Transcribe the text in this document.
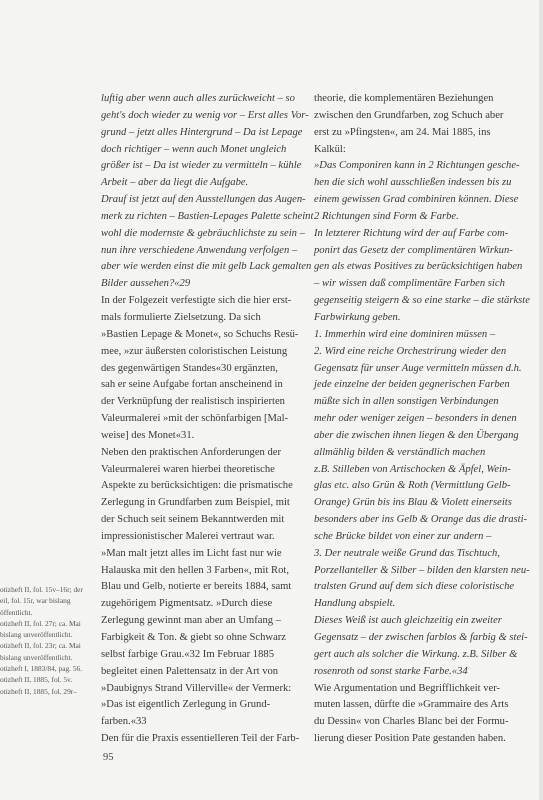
luftig aber wenn auch alles zurückweicht – so

geht's doch wieder zu wenig vor – Erst alles Vor-

grund – jetzt alles Hintergrund – Da ist Lepage

doch richtiger – wenn auch Monet ungleich

größer ist – Da ist wieder zu vermitteln – kühle

Arbeit – aber da liegt die Aufgabe.

Drauf ist jetzt auf den Ausstellungen das Augen-

merk zu richten – Bastien-Lepages Palette scheint

wohl die modernste & gebräuchlichste zu sein –

nun ihre verschiedene Anwendung verfolgen –

aber wie werden einst die mit gelb Lack gemalten

Bilder aussehen?«29

In der Folgezeit verfestigte sich die hier erst-

mals formulierte Zielsetzung. Da sich

»Bastien Lepage & Monet«, so Schuchs Resü-

mee, »zur äußersten coloristischen Leistung

des gegenwärtigen Standes«30 ergänzten,

sah er seine Aufgabe fortan anscheinend in

der Verknüpfung der realistisch inspirierten

Valeurmalerei »mit der schönfarbigen [Mal-

weise] des Monet«31.

Neben den praktischen Anforderungen der

Valeurmalerei waren hierbei theoretische

Aspekte zu berücksichtigen: die prismatische

Zerlegung in Grundfarben zum Beispiel, mit

der Schuch seit seinem Bekanntwerden mit

impressionistischer Malerei vertraut war.

»Man malt jetzt alles im Licht fast nur wie

Halauska mit den hellen 3 Farben«, mit Rot,

Blau und Gelb, notierte er bereits 1884, samt

zugehörigem Pigmentsatz. »Durch diese

Zerlegung gewinnt man aber an Umfang –

Farbigkeit & Ton. & giebt so ohne Schwarz

selbst farbige Grau.«32 Im Februar 1885

begleitet einen Palettensatz in der Art von

»Daubignys Strand Villerville« der Vermerk:

»Das ist eigentlich Zerlegung in Grund-

farben.«33

Den für die Praxis essentielleren Teil der Farb-

theorie, die komplementären Beziehungen

zwischen den Grundfarben, zog Schuch aber

erst zu »Pfingsten«, am 24. Mai 1885, ins

Kalkül:

»Das Componiren kann in 2 Richtungen gesche-

hen die sich wohl ausschließen indessen bis zu

einem gewissen Grad combiniren können. Diese

2 Richtungen sind Form & Farbe.

In letzterer Richtung wird der auf Farbe com-

ponirt das Gesetz der complimentären Wirkun-

gen als etwas Positives zu berücksichtigen haben

– wir wissen daß complimentäre Farben sich

gegenseitig steigern & so eine starke – die stärkste

Farbwirkung geben.

1. Immerhin wird eine dominiren müssen –

2. Wird eine reiche Orchestrirung wieder den

Gegensatz für unser Auge vermitteln müssen d.h.

jede einzelne der beiden gegnerischen Farben

müßte sich in allen sonstigen Verbindungen

mehr oder weniger zeigen – besonders in denen

aber die zwischen ihnen liegen & den Übergang

allmählig bilden & verständlich machen

z.B. Stilleben von Artischocken & Äpfel, Wein-

glas etc. also Grün & Roth (Vermittlung Gelb-

Orange) Grün bis ins Blau & Violett einerseits

besonders aber ins Gelb & Orange das die drasti-

sche Brücke bildet von einer zur andern –

3. Der neutrale weiße Grund das Tischtuch,

Porzellanteller & Silber – bilden den klarsten neu-

tralsten Grund auf dem sich diese coloristische

Handlung abspielt.

Dieses Weiß ist auch gleichzeitig ein zweiter

Gegensatz – der zwischen farblos & farbig & stei-

gert auch als solcher die Wirkung. z.B. Silber &

rosenroth od sonst starke Farbe.«34

Wie Argumentation und Begrifflichkeit ver-

muten lassen, dürfte die »Grammaire des Arts

du Dessin« von Charles Blanc bei der Formu-

lierung dieser Position Pate gestanden haben.

otizheft II, fol. 15v–16r; der

eil, fol. 15r, war bislang

öffentlicht.

otizheft II, fol. 27r; ca. Mai

bislang unveröffentlicht.

otizheft II, fol. 23r; ca. Mai

bislang unveröffentlicht.

otizheft I, 1883/84, pag. 56.

otizheft II, 1885, fol. 5v.

otizheft II, 1885, fol. 29r–

95
